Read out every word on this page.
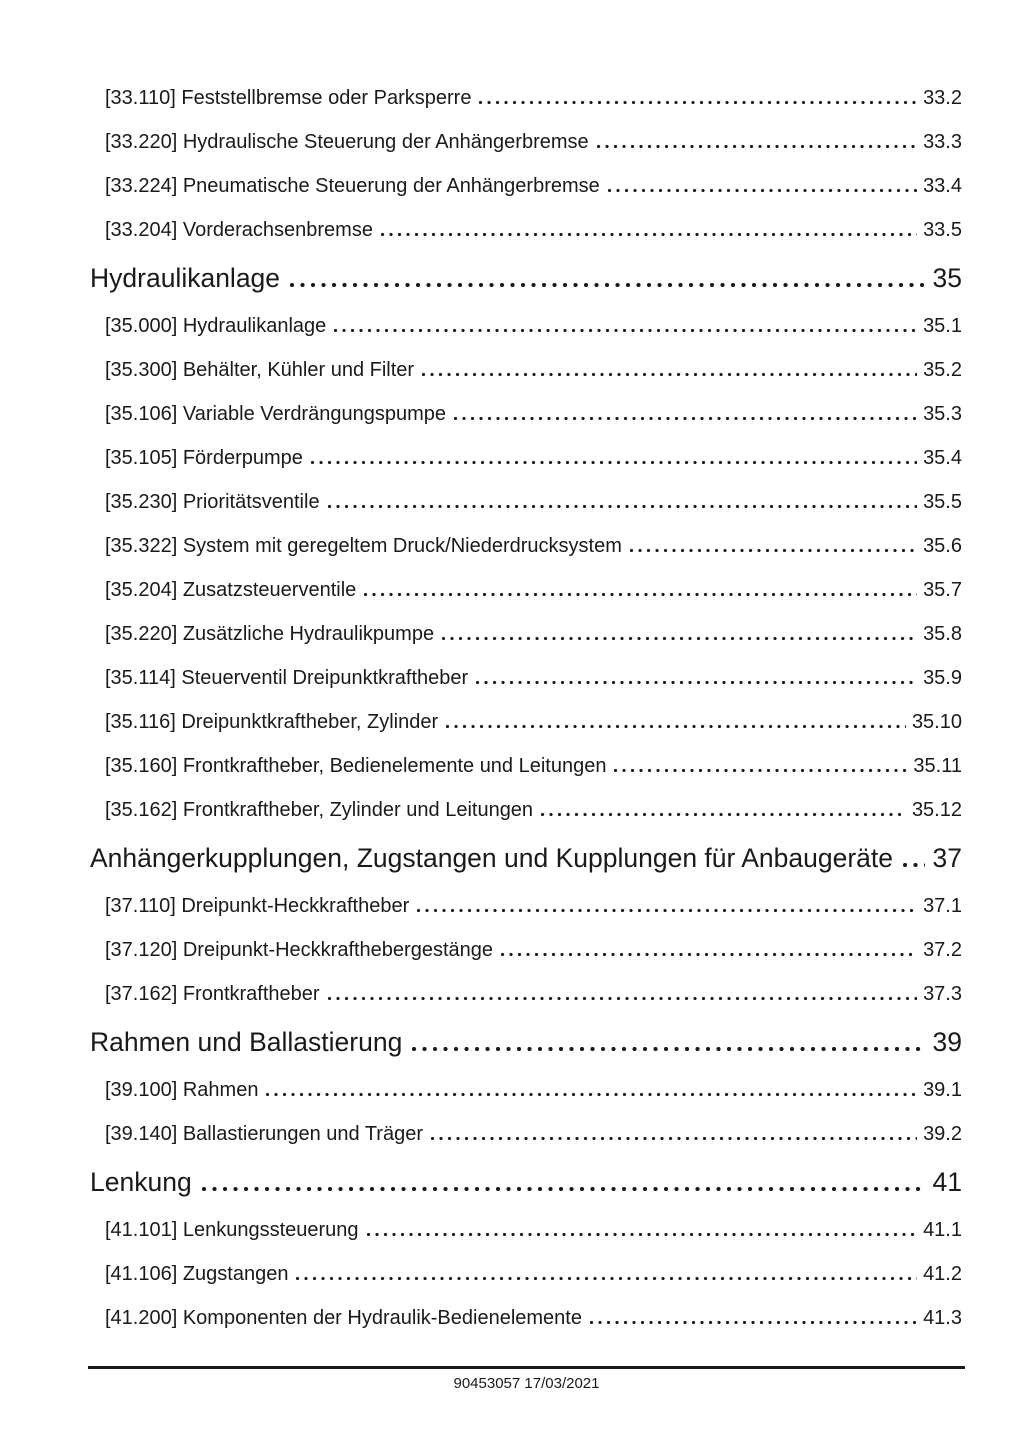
[33.110] Feststellbremse oder Parksperre	33.2
[33.220] Hydraulische Steuerung der Anhängerbremse	33.3
[33.224] Pneumatische Steuerung der Anhängerbremse	33.4
[33.204] Vorderachsenbremse	33.5
Hydraulikanlage	35
[35.000] Hydraulikanlage	35.1
[35.300] Behälter, Kühler und Filter	35.2
[35.106] Variable Verdrängungspumpe	35.3
[35.105] Förderpumpe	35.4
[35.230] Prioritätsventile	35.5
[35.322] System mit geregeltem Druck/Niederdrucksystem	35.6
[35.204] Zusatzsteuerventile	35.7
[35.220] Zusätzliche Hydraulikpumpe	35.8
[35.114] Steuerventil Dreipunktkraftheber	35.9
[35.116] Dreipunktkraftheber, Zylinder	35.10
[35.160] Frontkraftheber, Bedienelemente und Leitungen	35.11
[35.162] Frontkraftheber, Zylinder und Leitungen	35.12
Anhängerkupplungen, Zugstangen und Kupplungen für Anbaugeräte 37
[37.110] Dreipunkt-Heckkraftheber	37.1
[37.120] Dreipunkt-Heckkrafthebergestänge	37.2
[37.162] Frontkraftheber	37.3
Rahmen und Ballastierung	39
[39.100] Rahmen	39.1
[39.140] Ballastierungen und Träger	39.2
Lenkung	41
[41.101] Lenkungssteuerung	41.1
[41.106] Zugstangen	41.2
[41.200] Komponenten der Hydraulik-Bedienelemente	41.3
90453057 17/03/2021
